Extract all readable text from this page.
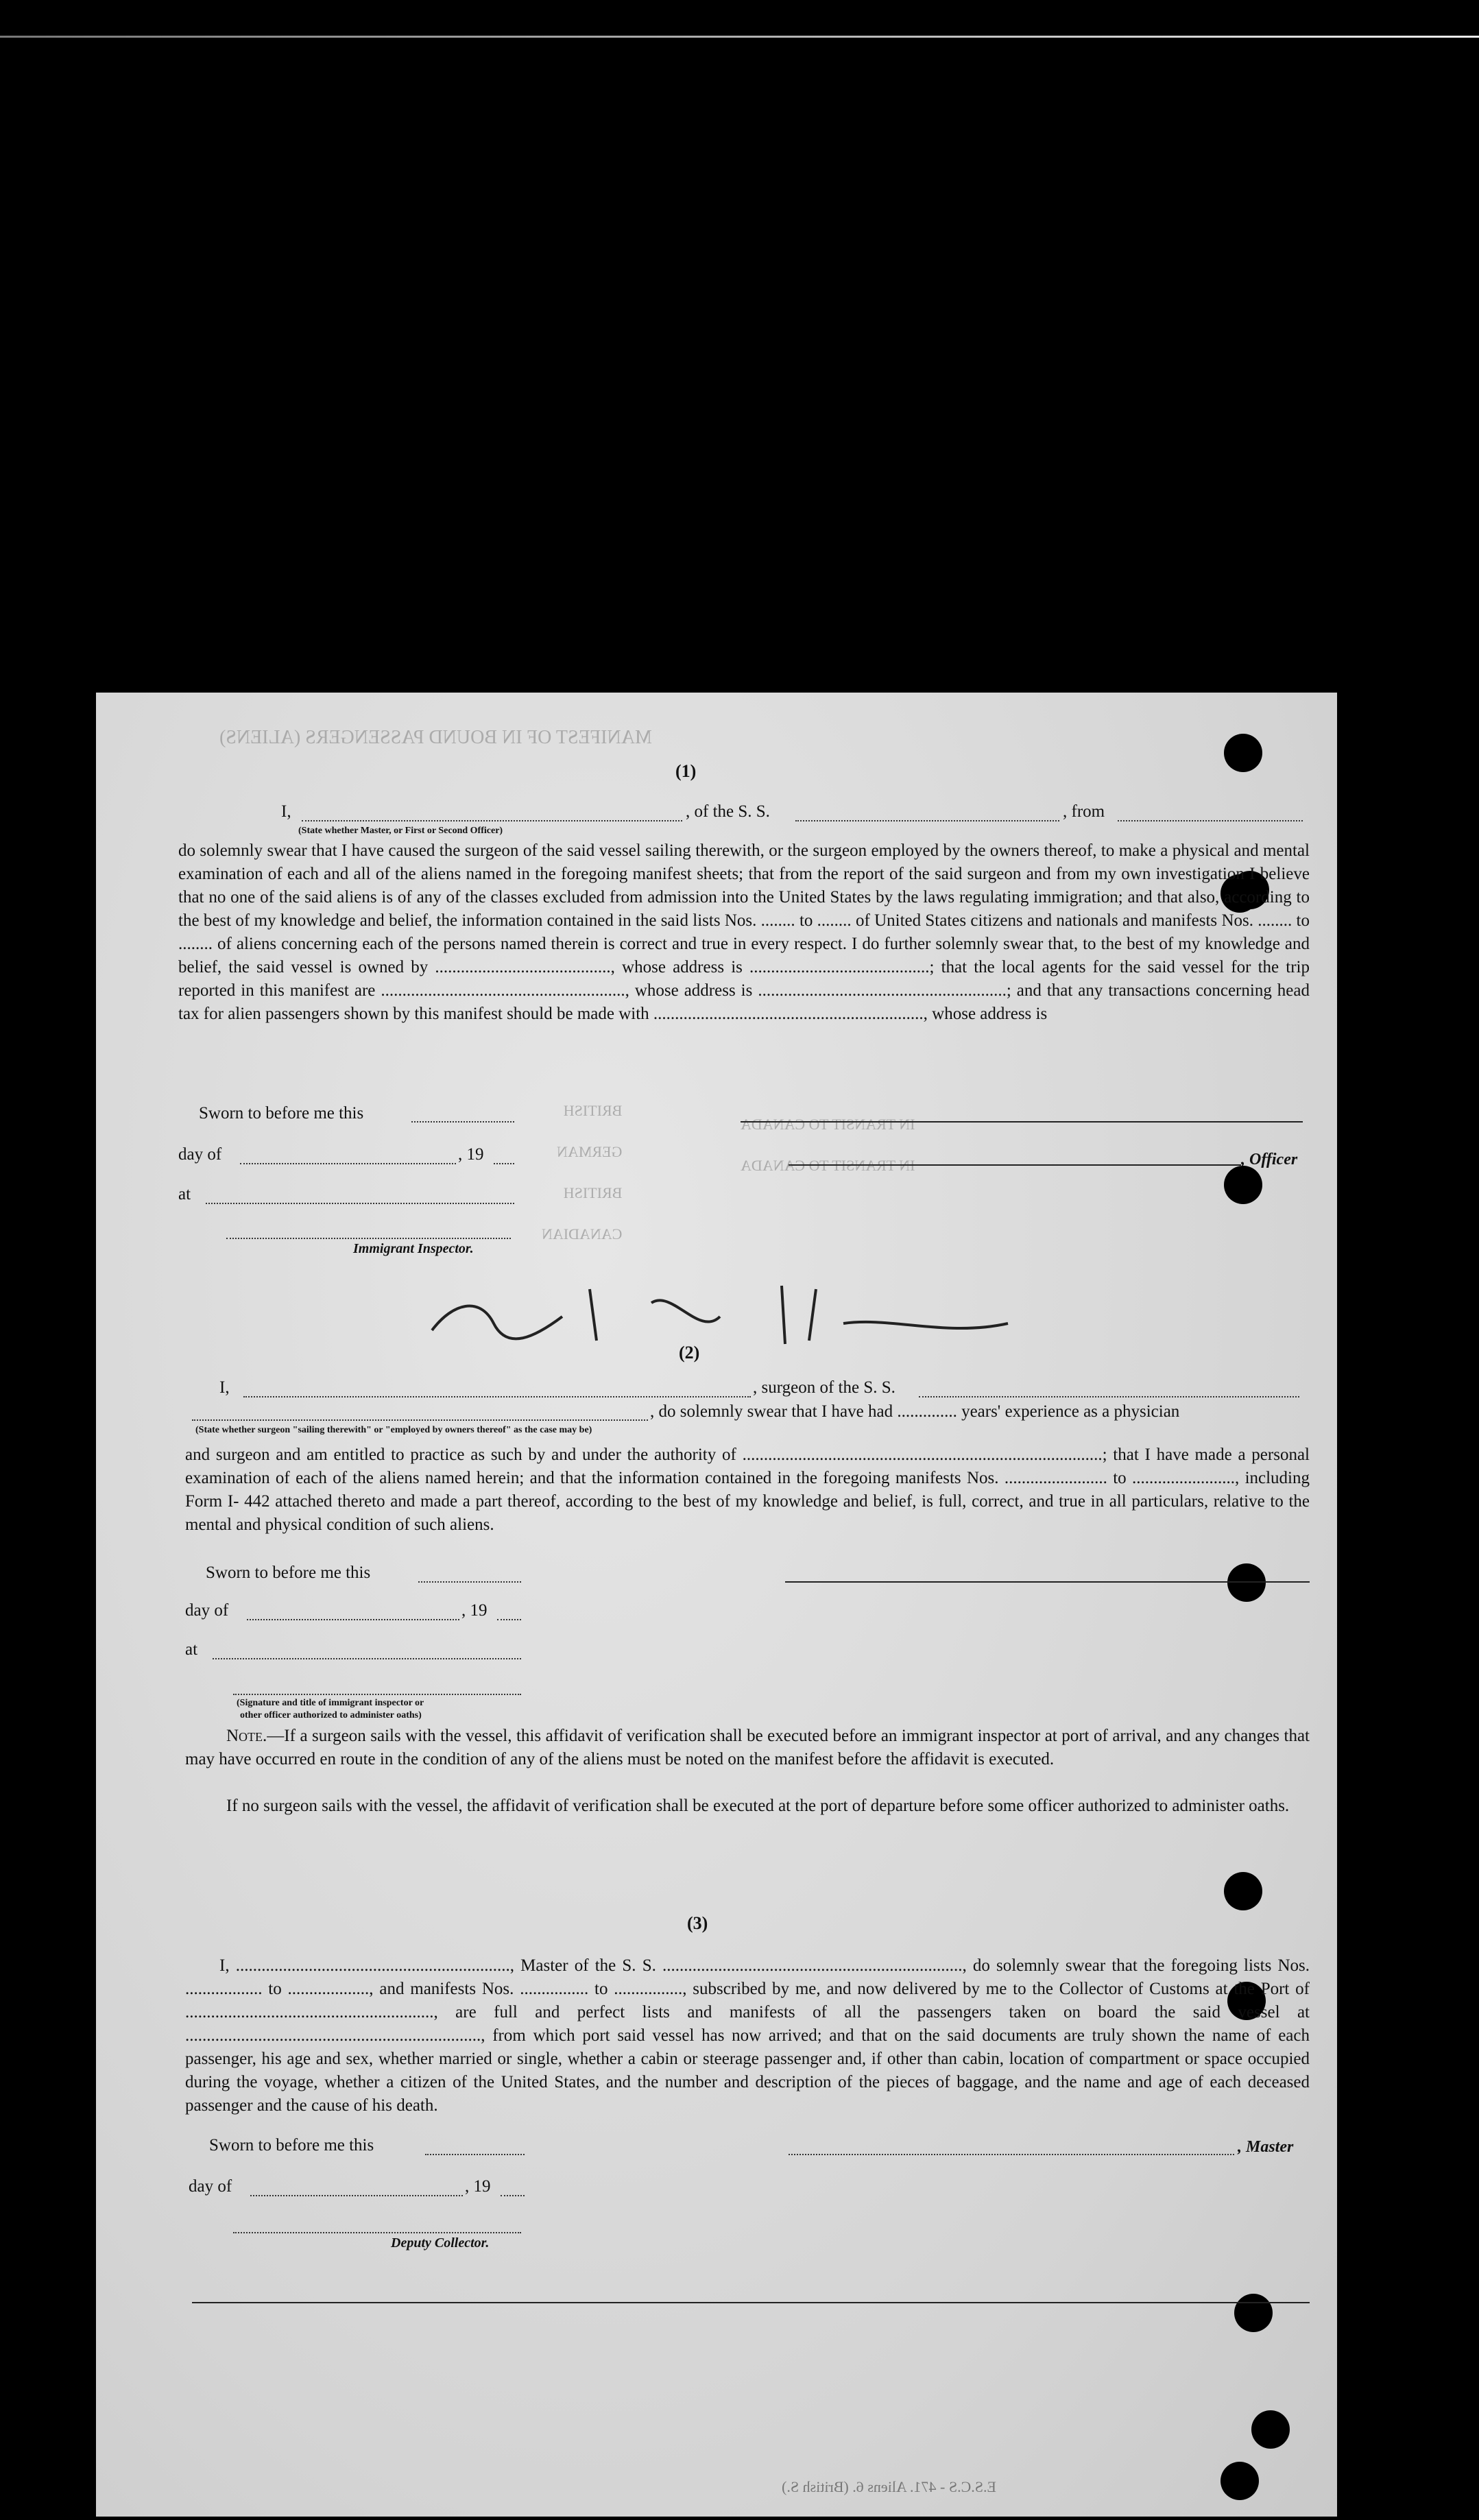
MANIFEST OF IN BOUND PASSENGERS (ALIENS)
BRITISH
GERMAN
BRITISH
CANADIAN
IN TRANSIT TO CANADA
IN TRANSIT TO CANADA
(1)
I,	, of the S. S.	, from
(State whether Master, or First or Second Officer)
do solemnly swear that I have caused the surgeon of the said vessel sailing therewith, or the surgeon employed by the owners thereof, to make a physical and mental examination of each and all of the aliens named in the foregoing manifest sheets; that from the report of the said surgeon and from my own investigation I believe that no one of the said aliens is of any of the classes excluded from admission into the United States by the laws regulating immigration; and that also, according to the best of my knowledge and belief, the information contained in the said lists Nos. ........ to ........ of United States citizens and nationals and manifests Nos. ........ to ........ of aliens concerning each of the persons named therein is correct and true in every respect. I do further solemnly swear that, to the best of my knowledge and belief, the said vessel is owned by ........................................., whose address is ..........................................; that the local agents for the said vessel for the trip reported in this manifest are ........................................................., whose address is ..........................................................; and that any transactions concerning head tax for alien passengers shown by this manifest should be made with ..............................................................., whose address is
Sworn to before me this
day of	, 19	, Officer
at
Immigrant Inspector.
(2)
I,	, surgeon of the S. S.
, do solemnly swear that I have had .............. years' experience as a physician
(State whether surgeon "sailing therewith" or "employed by owners thereof" as the case may be)
and surgeon and am entitled to practice as such by and under the authority of ....................................................................................; that I have made a personal examination of each of the aliens named herein; and that the information contained in the foregoing manifests Nos. ........................ to ........................, including Form I- 442 attached thereto and made a part thereof, according to the best of my knowledge and belief, is full, correct, and true in all particulars, relative to the mental and physical condition of such aliens.
Sworn to before me this
day of	, 19
at
(Signature and title of immigrant inspector or
other officer authorized to administer oaths)
Note.—If a surgeon sails with the vessel, this affidavit of verification shall be executed before an immigrant inspector at port of arrival, and any changes that may have occurred en route in the condition of any of the aliens must be noted on the manifest before the affidavit is executed.
If no surgeon sails with the vessel, the affidavit of verification shall be executed at the port of departure before some officer authorized to administer oaths.
(3)
I, ................................................................, Master of the S. S. ......................................................................, do solemnly swear that the foregoing lists Nos. .................. to ..................., and manifests Nos. ................ to ................, subscribed by me, and now delivered by me to the Collector of Customs at the Port of .........................................................., are full and perfect lists and manifests of all the passengers taken on board the said vessel at ....................................................................., from which port said vessel has now arrived; and that on the said documents are truly shown the name of each passenger, his age and sex, whether married or single, whether a cabin or steerage passenger and, if other than cabin, location of compartment or space occupied during the voyage, whether a citizen of the United States, and the number and description of the pieces of baggage, and the name and age of each deceased passenger and the cause of his death.
Sworn to before me this	, Master
day of	, 19
Deputy Collector.
E.S.C.S - 471. Aliens 6. (British S.)
